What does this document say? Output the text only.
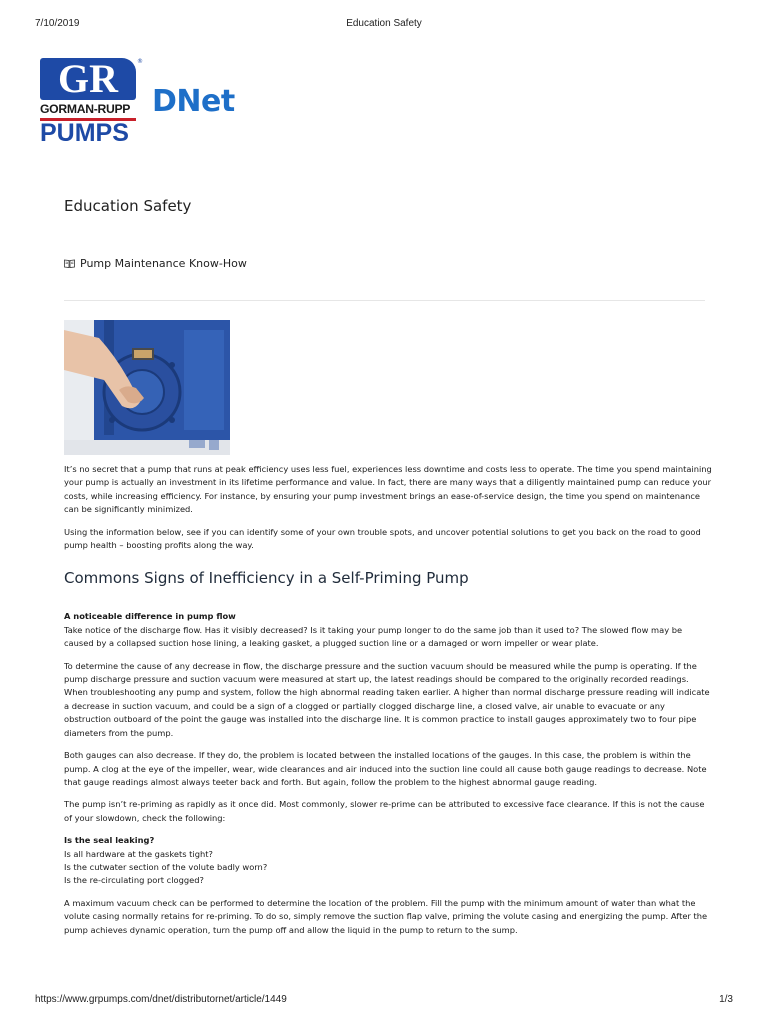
7/10/2019	Education Safety
GR	®
GORMAN-RUPP
PUMPS
DNet
Education Safety
Pump Maintenance Know-How

It’s no secret that a pump that runs at peak efficiency uses less fuel, experiences less downtime and costs less to operate. The time you spend maintaining your pump is actually an investment in its lifetime performance and value. In fact, there are many ways that a diligently maintained pump can reduce your costs, while increasing efficiency. For instance, by ensuring your pump investment brings an ease-of-service design, the time you spend on maintenance can be significantly minimized.

Using the information below, see if you can identify some of your own trouble spots, and uncover potential solutions to get you back on the road to good pump health – boosting profits along the way.

Commons Signs of Inefficiency in a Self-Priming Pump

A noticeable difference in pump flow
Take notice of the discharge flow. Has it visibly decreased? Is it taking your pump longer to do the same job than it used to? The slowed flow may be caused by a collapsed suction hose lining, a leaking gasket, a plugged suction line or a damaged or worn impeller or wear plate.

To determine the cause of any decrease in flow, the discharge pressure and the suction vacuum should be measured while the pump is operating. If the pump discharge pressure and suction vacuum were measured at start up, the latest readings should be compared to the originally recorded readings. When troubleshooting any pump and system, follow the high abnormal reading taken earlier. A higher than normal discharge pressure reading will indicate a decrease in suction vacuum, and could be a sign of a clogged or partially clogged discharge line, a closed valve, air unable to evacuate or any obstruction outboard of the point the gauge was installed into the discharge line. It is common practice to install gauges approximately two to four pipe diameters from the pump.

Both gauges can also decrease. If they do, the problem is located between the installed locations of the gauges. In this case, the problem is within the pump. A clog at the eye of the impeller, wear, wide clearances and air induced into the suction line could all cause both gauge readings to decrease. Note that gauge readings almost always teeter back and forth. But again, follow the problem to the highest abnormal gauge reading.

The pump isn’t re-priming as rapidly as it once did. Most commonly, slower re-prime can be attributed to excessive face clearance. If this is not the cause of your slowdown, check the following:

Is the seal leaking?
Is all hardware at the gaskets tight?
Is the cutwater section of the volute badly worn?
Is the re-circulating port clogged?

A maximum vacuum check can be performed to determine the location of the problem. Fill the pump with the minimum amount of water than what the volute casing normally retains for re-priming. To do so, simply remove the suction flap valve, priming the volute casing and energizing the pump. After the pump achieves dynamic operation, turn the pump off and allow the liquid in the pump to return to the sump.

https://www.grpumps.com/dnet/distributornet/article/1449	1/3
